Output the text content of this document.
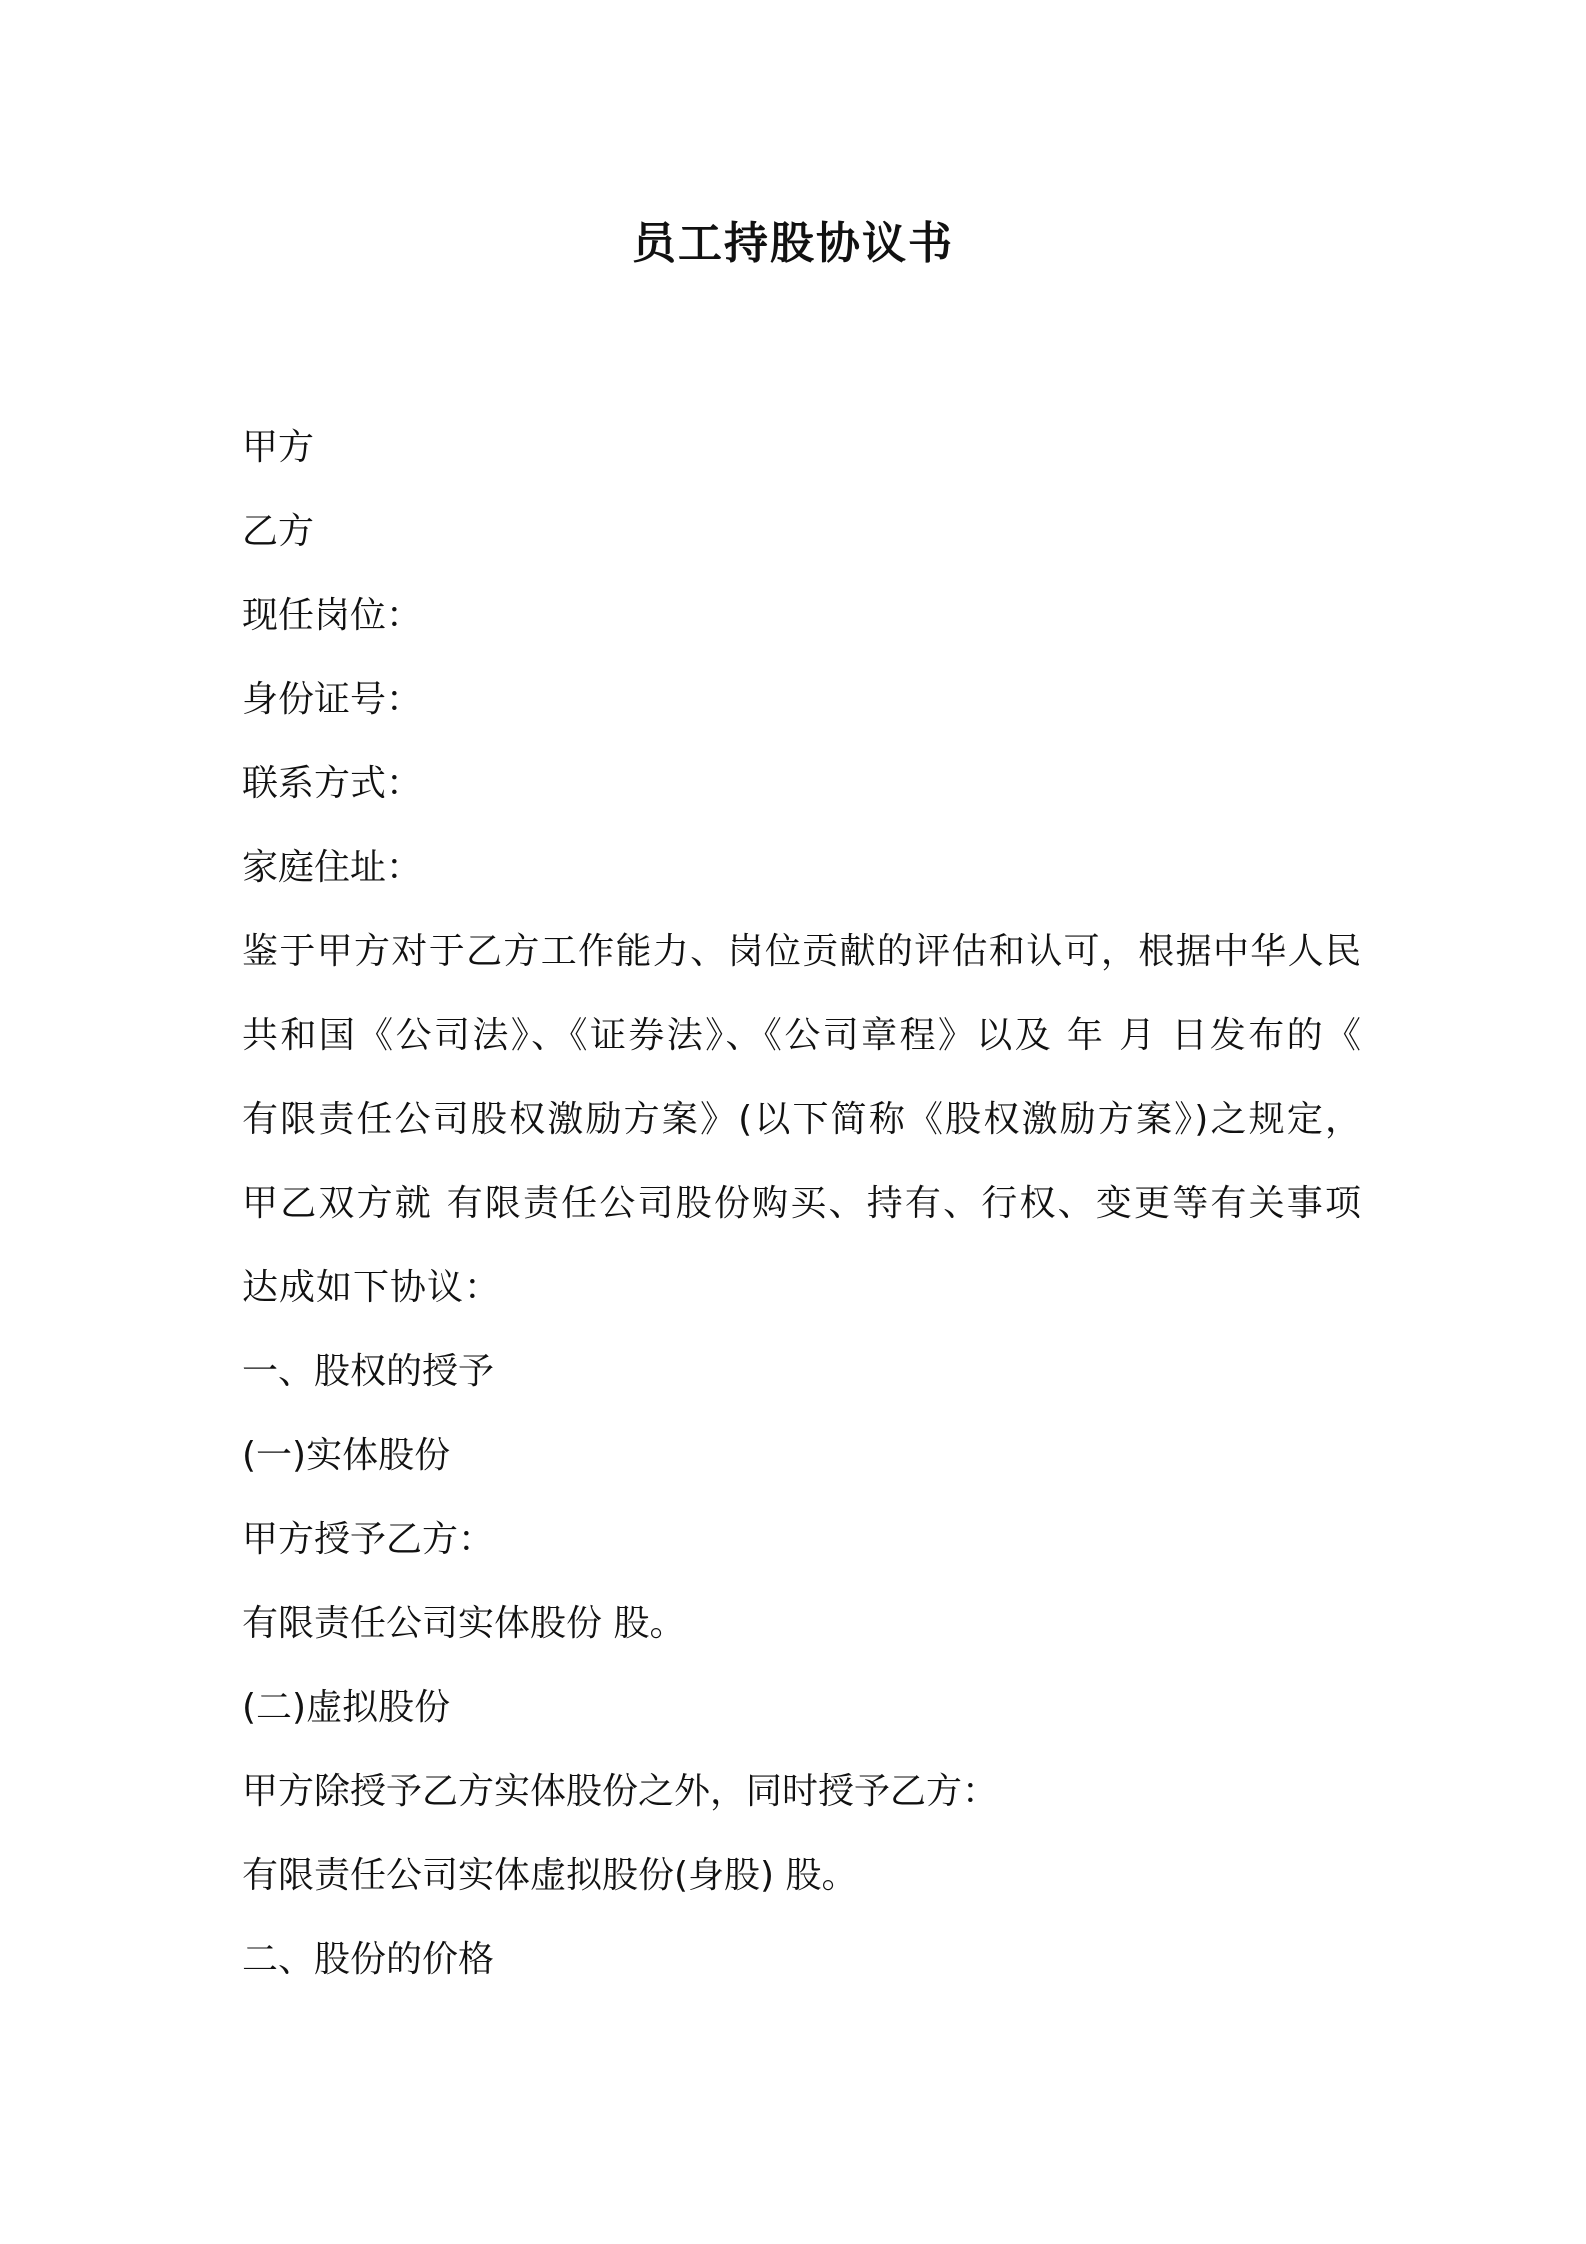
员工持股协议书
甲方
乙方
现任岗位：
身份证号：
联系方式：
家庭住址：
鉴于甲方对于乙方工作能力、岗位贡献的评估和认可，根据中华人民共和国《公司法》、《证券法》、《公司章程》以及 年 月 日发布的《 有限责任公司股权激励方案》(以下简称《股权激励方案》)之规定，甲乙双方就 有限责任公司股份购买、持有、行权、变更等有关事项达成如下协议：
一、股权的授予
(一)实体股份
甲方授予乙方：
有限责任公司实体股份 股。
(二)虚拟股份
甲方除授予乙方实体股份之外，同时授予乙方：
有限责任公司实体虚拟股份(身股) 股。
二、股份的价格
